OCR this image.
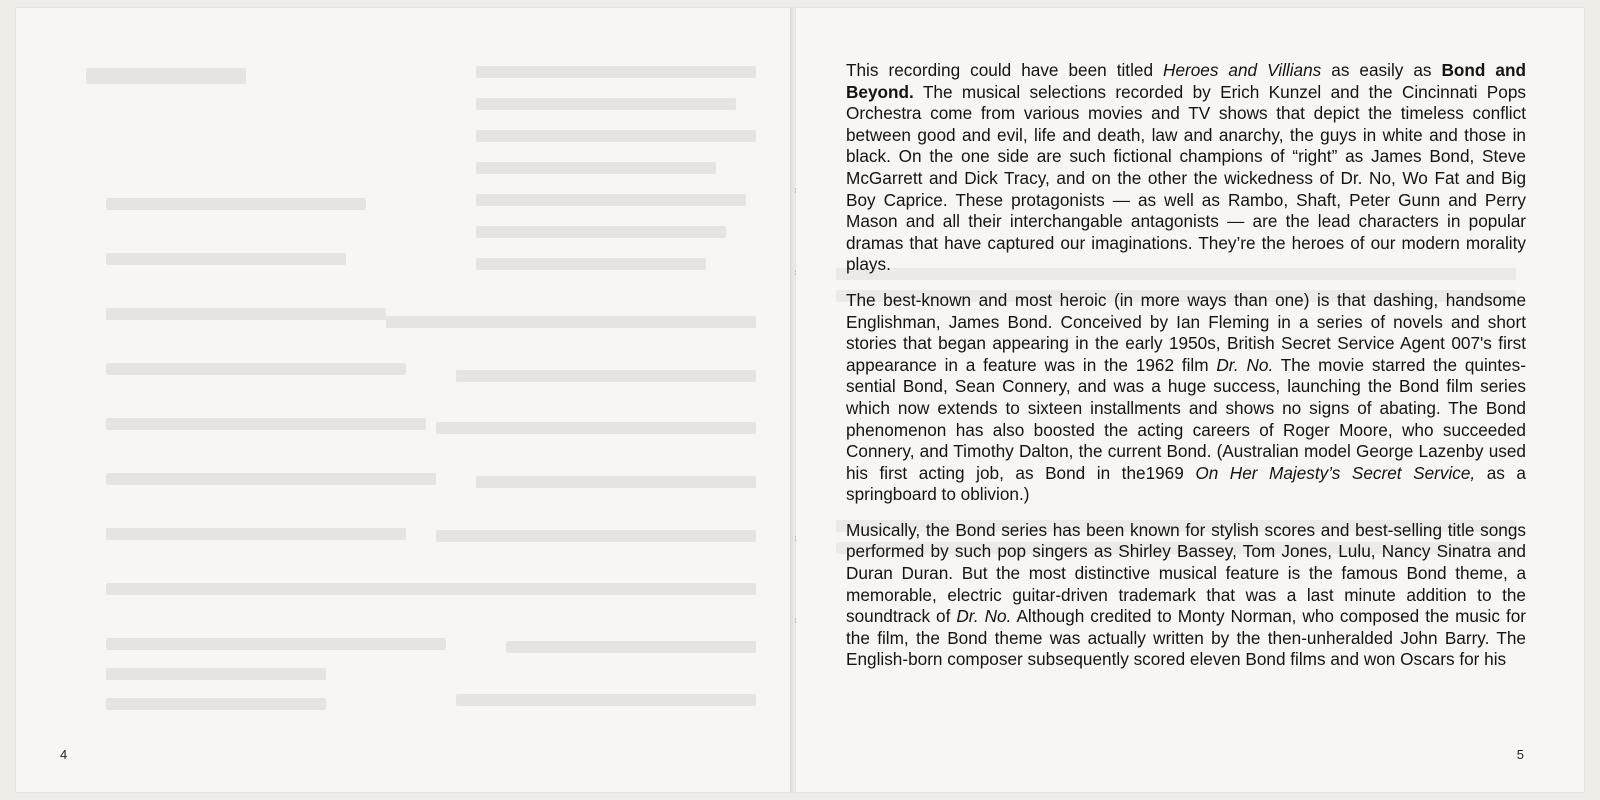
4

This recording could have been titled Heroes and Villians as easily as Bond and Beyond. The musical selections recorded by Erich Kunzel and the Cincinnati Pops Orchestra come from various movies and TV shows that depict the timeless conflict between good and evil, life and death, law and anarchy, the guys in white and those in black. On the one side are such fictional champions of “right” as James Bond, Steve McGarrett and Dick Tracy, and on the other the wickedness of Dr. No, Wo Fat and Big Boy Caprice. These protagonists — as well as Rambo, Shaft, Peter Gunn and Perry Mason and all their interchangable antagonists — are the lead characters in popular dramas that have captured our imaginations. They’re the heroes of our modern morality plays.

The best-known and most heroic (in more ways than one) is that dashing, handsome Englishman, James Bond. Conceived by Ian Fleming in a series of novels and short stories that began appearing in the early 1950s, British Secret Service Agent 007's first appearance in a feature was in the 1962 film Dr. No. The movie starred the quintes-sential Bond, Sean Connery, and was a huge success, launching the Bond film series which now extends to sixteen installments and shows no signs of abating. The Bond phenomenon has also boosted the acting careers of Roger Moore, who succeeded Connery, and Timothy Dalton, the current Bond. (Australian model George Lazenby used his first acting job, as Bond in the1969 On Her Majesty’s Secret Service, as a springboard to oblivion.)

Musically, the Bond series has been known for stylish scores and best-selling title songs performed by such pop singers as Shirley Bassey, Tom Jones, Lulu, Nancy Sinatra and Duran Duran. But the most distinctive musical feature is the famous Bond theme, a memorable, electric guitar-driven trademark that was a last minute addition to the soundtrack of Dr. No. Although credited to Monty Norman, who composed the music for the film, the Bond theme was actually written by the then-unheralded John Barry. The English-born composer subsequently scored eleven Bond films and won Oscars for his

5
